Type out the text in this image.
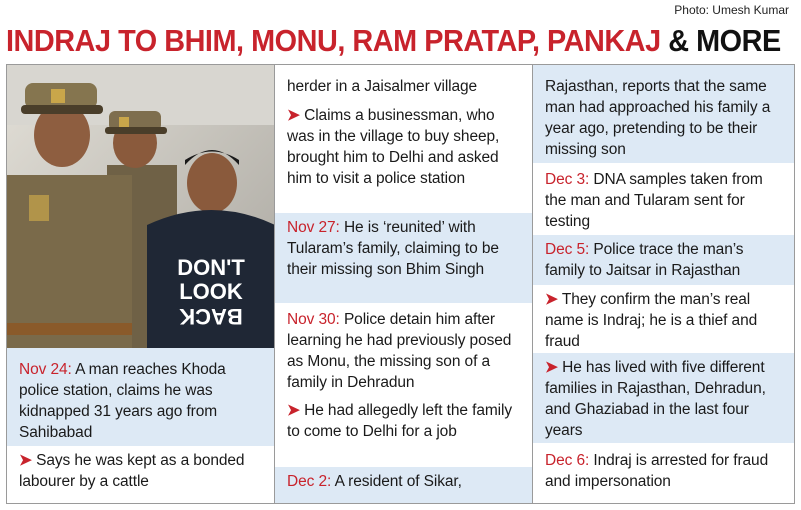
Photo: Umesh Kumar
INDRAJ TO BHIM, MONU, RAM PRATAP, PANKAJ & MORE
DON'T
LOOK
BACK
Nov 24: A man reaches Khoda police station, claims he was kidnapped 31 years ago from Sahibabad
➤ Says he was kept as a bonded labourer by a cattle
herder in a Jaisalmer village
➤ Claims a businessman, who was in the village to buy sheep, brought him to Delhi and asked him to visit a police station
Nov 27: He is ‘reunited’ with Tularam’s family, claiming to be their missing son Bhim Singh
Nov 30: Police detain him after learning he had previously posed as Monu, the missing son of a family in Dehradun
➤ He had allegedly left the family to come to Delhi for a job
Dec 2: A resident of Sikar,
Rajasthan, reports that the same man had approached his family a year ago, pretending to be their missing son
Dec 3: DNA samples taken from the man and Tularam sent for testing
Dec 5: Police trace the man’s family to Jaitsar in Rajasthan
➤ They confirm the man’s real name is Indraj; he is a thief and fraud
➤ He has lived with five different families in Rajasthan, Dehradun, and Ghaziabad in the last four years
Dec 6: Indraj is arrested for fraud and impersonation
